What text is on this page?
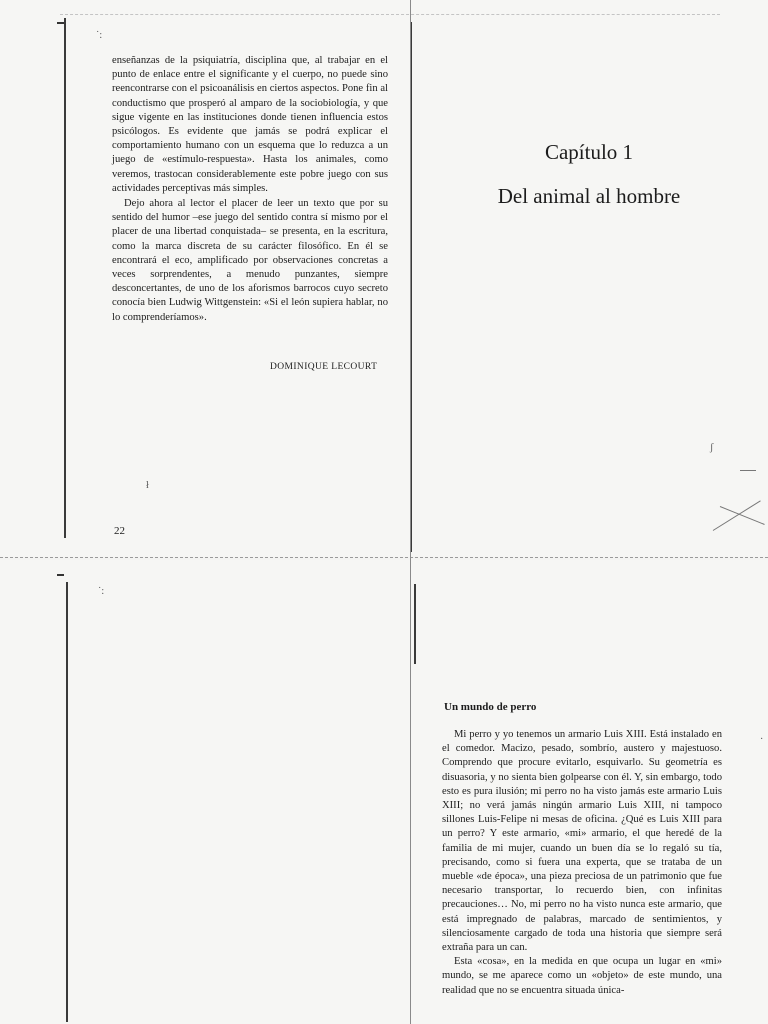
enseñanzas de la psiquiatría, disciplina que, al trabajar en el punto de enlace entre el significante y el cuerpo, no puede sino reencontrarse con el psicoanálisis en ciertos aspectos. Pone fin al conductismo que prosperó al amparo de la sociobiología, y que sigue vigente en las instituciones donde tienen influencia estos psicólogos. Es evidente que jamás se podrá explicar el comportamiento humano con un esquema que lo reduzca a un juego de «estímulo-respuesta». Hasta los animales, como veremos, trastocan considerablemente este pobre juego con sus actividades perceptivas más simples.

Dejo ahora al lector el placer de leer un texto que por su sentido del humor –ese juego del sentido contra sí mismo por el placer de una libertad conquistada– se presenta, en la escritura, como la marca discreta de su carácter filosófico. En él se encontrará el eco, amplificado por observaciones concretas a veces sorprendentes, a menudo punzantes, siempre desconcertantes, de uno de los aforismos barrocos cuyo secreto conocía bien Ludwig Wittgenstein: «Si el león supiera hablar, no lo comprenderíamos».

DOMINIQUE LECOURT
22
ł
˙:
Capítulo 1
Del animal al hombre
ʃ
˙:
Un mundo de perro

Mi perro y yo tenemos un armario Luis XIII. Está instalado en el comedor. Macizo, pesado, sombrío, austero y majestuoso. Comprendo que procure evitarlo, esquivarlo. Su geometría es disuasoria, y no sienta bien golpearse con él. Y, sin embargo, todo esto es pura ilusión; mi perro no ha visto jamás este armario Luis XIII; no verá jamás ningún armario Luis XIII, ni tampoco sillones Luis-Felipe ni mesas de oficina. ¿Qué es Luis XIII para un perro? Y este armario, «mi» armario, el que heredé de la familia de mi mujer, cuando un buen día se lo regaló su tía, precisando, como si fuera una experta, que se trataba de un mueble «de época», una pieza preciosa de un patrimonio que fue necesario transportar, lo recuerdo bien, con infinitas precauciones… No, mi perro no ha visto nunca este armario, que está impregnado de palabras, marcado de sentimientos, y silenciosamente cargado de toda una historia que siempre será extraña para un can.

Esta «cosa», en la medida en que ocupa un lugar en «mi» mundo, se me aparece como un «objeto» de este mundo, una realidad que no se encuentra situada única-

·
